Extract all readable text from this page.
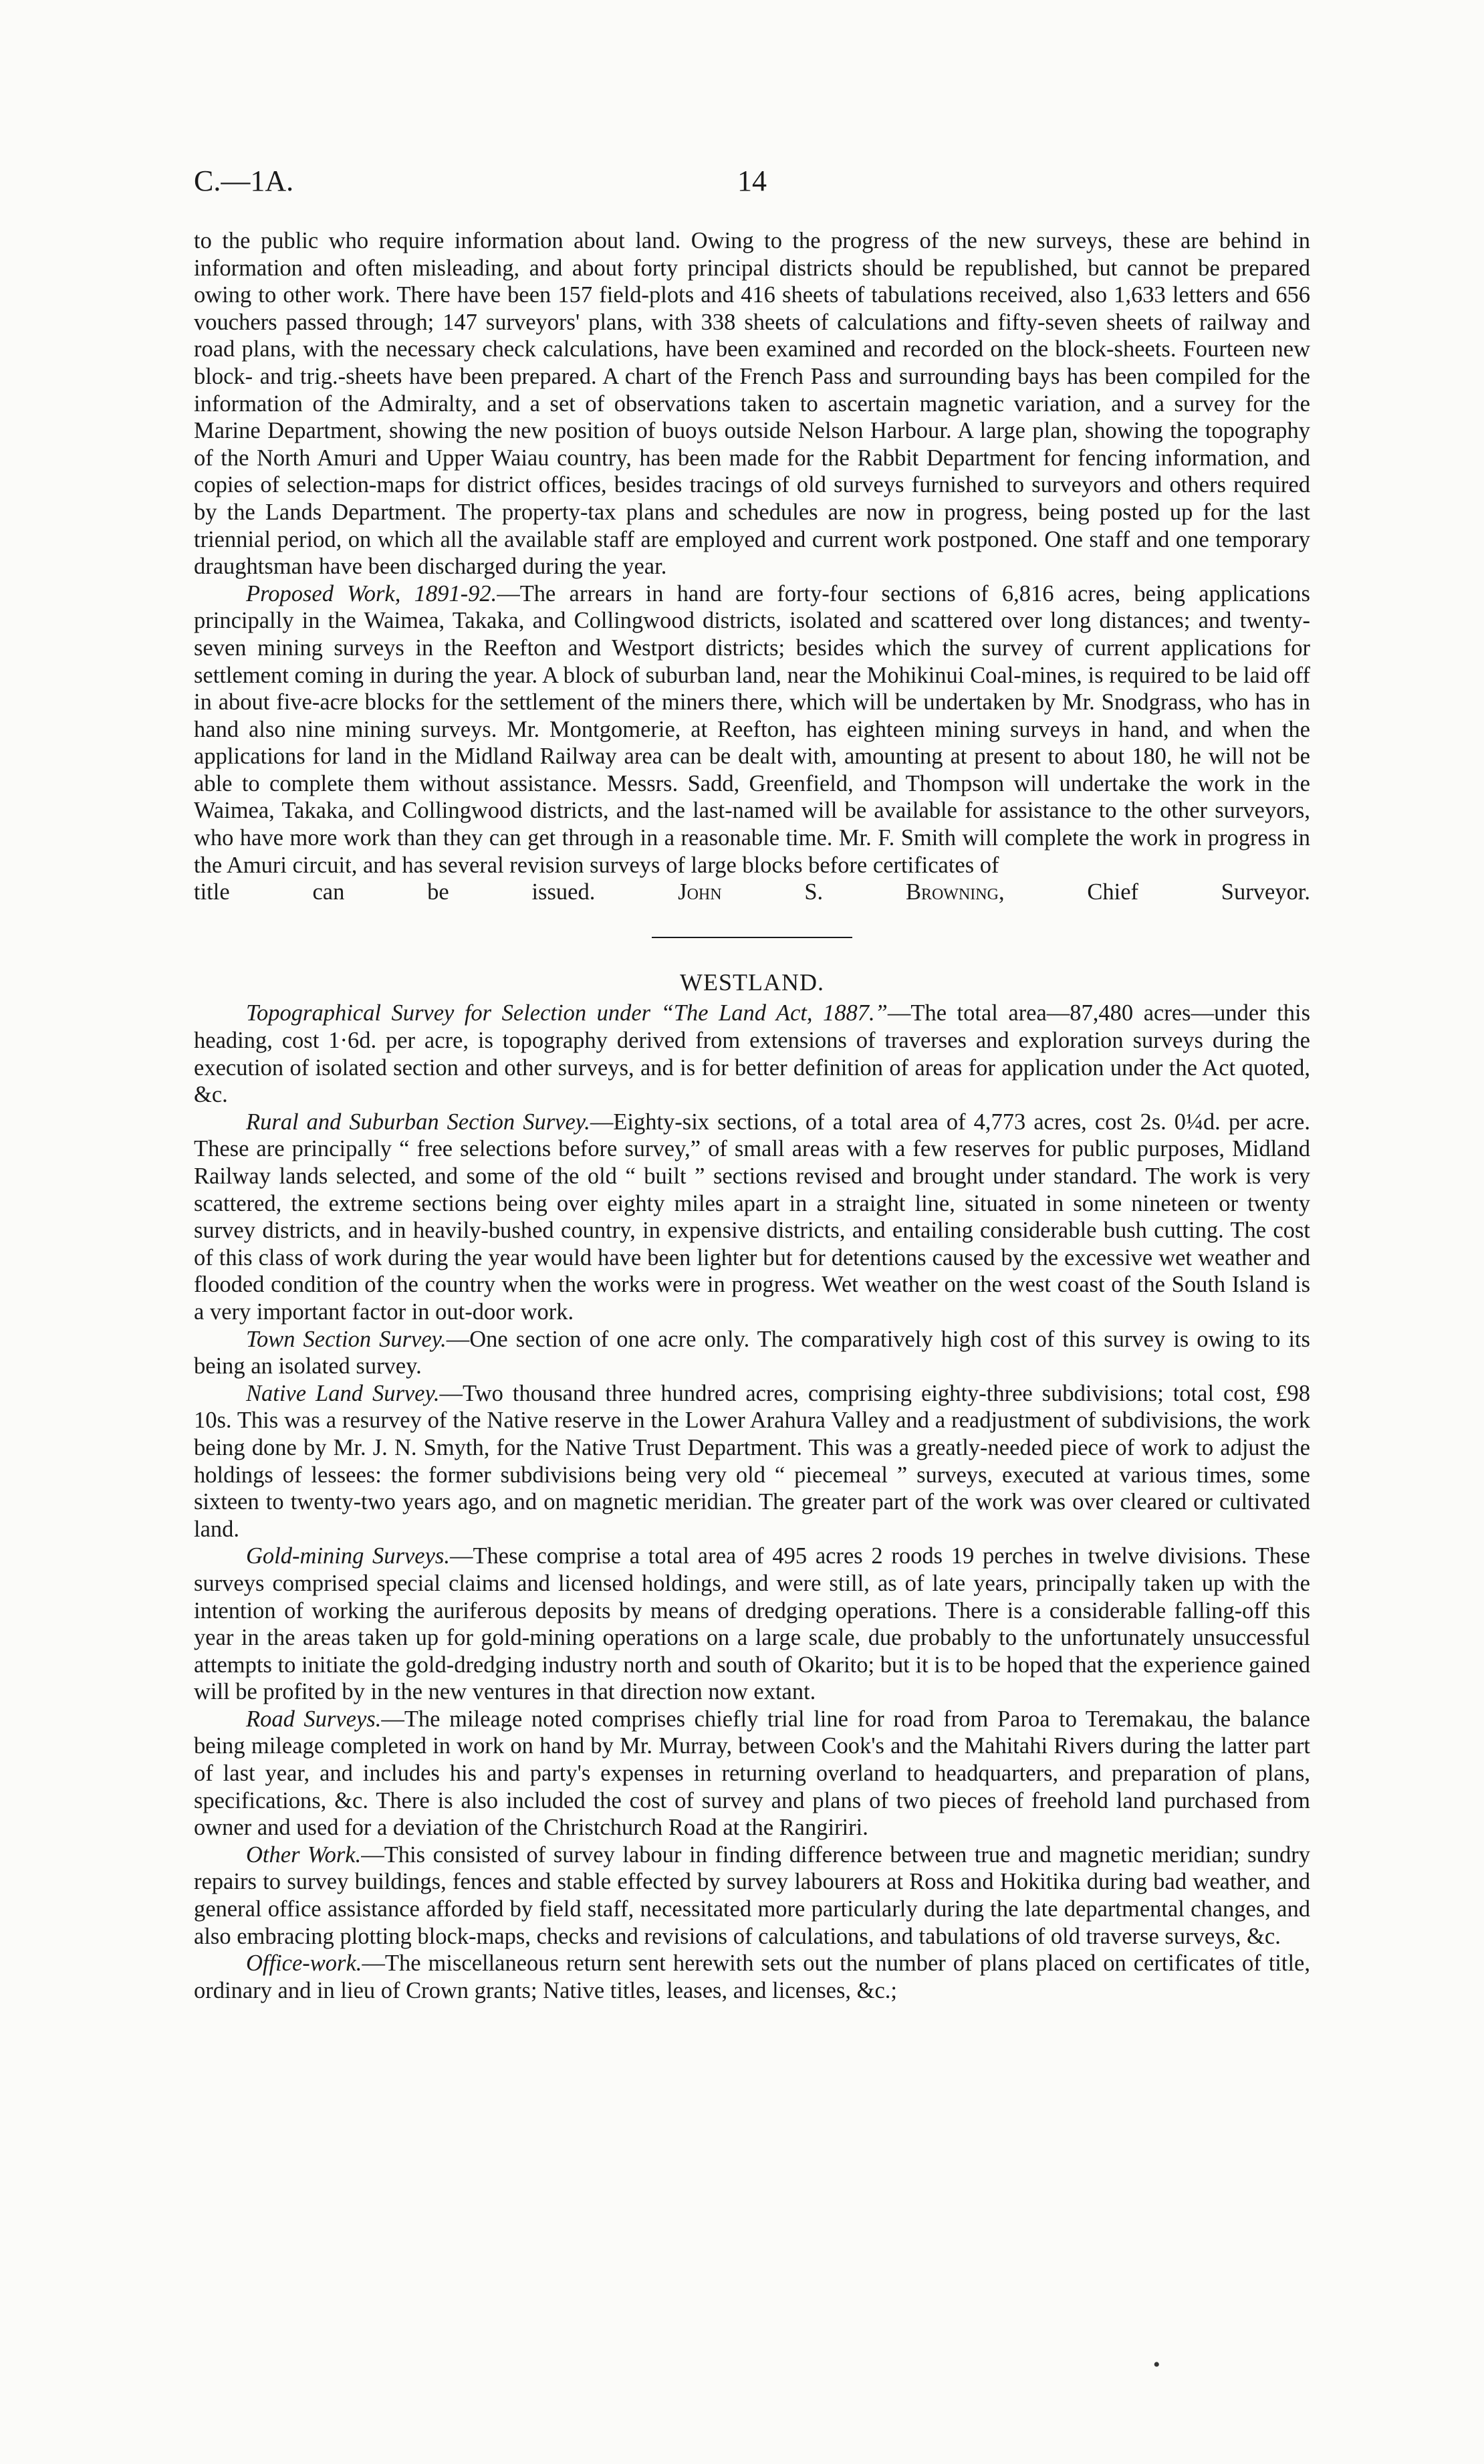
C.—1A.	14

to the public who require information about land. Owing to the progress of the new surveys, these are behind in information and often misleading, and about forty principal districts should be republished, but cannot be prepared owing to other work. There have been 157 field-plots and 416 sheets of tabulations received, also 1,633 letters and 656 vouchers passed through; 147 surveyors' plans, with 338 sheets of calculations and fifty-seven sheets of railway and road plans, with the necessary check calculations, have been examined and recorded on the block-sheets. Fourteen new block- and trig.-sheets have been prepared. A chart of the French Pass and surrounding bays has been compiled for the information of the Admiralty, and a set of observations taken to ascertain magnetic variation, and a survey for the Marine Department, showing the new position of buoys outside Nelson Harbour. A large plan, showing the topography of the North Amuri and Upper Waiau country, has been made for the Rabbit Department for fencing information, and copies of selection-maps for district offices, besides tracings of old surveys furnished to surveyors and others required by the Lands Department. The property-tax plans and schedules are now in progress, being posted up for the last triennial period, on which all the available staff are employed and current work postponed. One staff and one temporary draughtsman have been discharged during the year.

Proposed Work, 1891-92.—The arrears in hand are forty-four sections of 6,816 acres, being applications principally in the Waimea, Takaka, and Collingwood districts, isolated and scattered over long distances; and twenty-seven mining surveys in the Reefton and Westport districts; besides which the survey of current applications for settlement coming in during the year. A block of suburban land, near the Mohikinui Coal-mines, is required to be laid off in about five-acre blocks for the settlement of the miners there, which will be undertaken by Mr. Snodgrass, who has in hand also nine mining surveys. Mr. Montgomerie, at Reefton, has eighteen mining surveys in hand, and when the applications for land in the Midland Railway area can be dealt with, amounting at present to about 180, he will not be able to complete them without assistance. Messrs. Sadd, Greenfield, and Thompson will undertake the work in the Waimea, Takaka, and Collingwood districts, and the last-named will be available for assistance to the other surveyors, who have more work than they can get through in a reasonable time. Mr. F. Smith will complete the work in progress in the Amuri circuit, and has several revision surveys of large blocks before certificates of

title can be issued.	John S. Browning, Chief Surveyor.

WESTLAND.

Topographical Survey for Selection under “The Land Act, 1887.”—The total area—87,480 acres—under this heading, cost 1·6d. per acre, is topography derived from extensions of traverses and exploration surveys during the execution of isolated section and other surveys, and is for better definition of areas for application under the Act quoted, &c.

Rural and Suburban Section Survey.—Eighty-six sections, of a total area of 4,773 acres, cost 2s. 0¼d. per acre. These are principally “ free selections before survey,” of small areas with a few reserves for public purposes, Midland Railway lands selected, and some of the old “ built ” sections revised and brought under standard. The work is very scattered, the extreme sections being over eighty miles apart in a straight line, situated in some nineteen or twenty survey districts, and in heavily-bushed country, in expensive districts, and entailing considerable bush cutting. The cost of this class of work during the year would have been lighter but for detentions caused by the excessive wet weather and flooded condition of the country when the works were in progress. Wet weather on the west coast of the South Island is a very important factor in out-door work.

Town Section Survey.—One section of one acre only. The comparatively high cost of this survey is owing to its being an isolated survey.

Native Land Survey.—Two thousand three hundred acres, comprising eighty-three subdivisions; total cost, £98 10s. This was a resurvey of the Native reserve in the Lower Arahura Valley and a readjustment of subdivisions, the work being done by Mr. J. N. Smyth, for the Native Trust Department. This was a greatly-needed piece of work to adjust the holdings of lessees: the former subdivisions being very old “ piecemeal ” surveys, executed at various times, some sixteen to twenty-two years ago, and on magnetic meridian. The greater part of the work was over cleared or cultivated land.

Gold-mining Surveys.—These comprise a total area of 495 acres 2 roods 19 perches in twelve divisions. These surveys comprised special claims and licensed holdings, and were still, as of late years, principally taken up with the intention of working the auriferous deposits by means of dredging operations. There is a considerable falling-off this year in the areas taken up for gold-mining operations on a large scale, due probably to the unfortunately unsuccessful attempts to initiate the gold-dredging industry north and south of Okarito; but it is to be hoped that the experience gained will be profited by in the new ventures in that direction now extant.

Road Surveys.—The mileage noted comprises chiefly trial line for road from Paroa to Teremakau, the balance being mileage completed in work on hand by Mr. Murray, between Cook's and the Mahitahi Rivers during the latter part of last year, and includes his and party's expenses in returning overland to headquarters, and preparation of plans, specifications, &c. There is also included the cost of survey and plans of two pieces of freehold land purchased from owner and used for a deviation of the Christchurch Road at the Rangiriri.

Other Work.—This consisted of survey labour in finding difference between true and magnetic meridian; sundry repairs to survey buildings, fences and stable effected by survey labourers at Ross and Hokitika during bad weather, and general office assistance afforded by field staff, necessitated more particularly during the late departmental changes, and also embracing plotting block-maps, checks and revisions of calculations, and tabulations of old traverse surveys, &c.

Office-work.—The miscellaneous return sent herewith sets out the number of plans placed on certificates of title, ordinary and in lieu of Crown grants; Native titles, leases, and licenses, &c.;

•
